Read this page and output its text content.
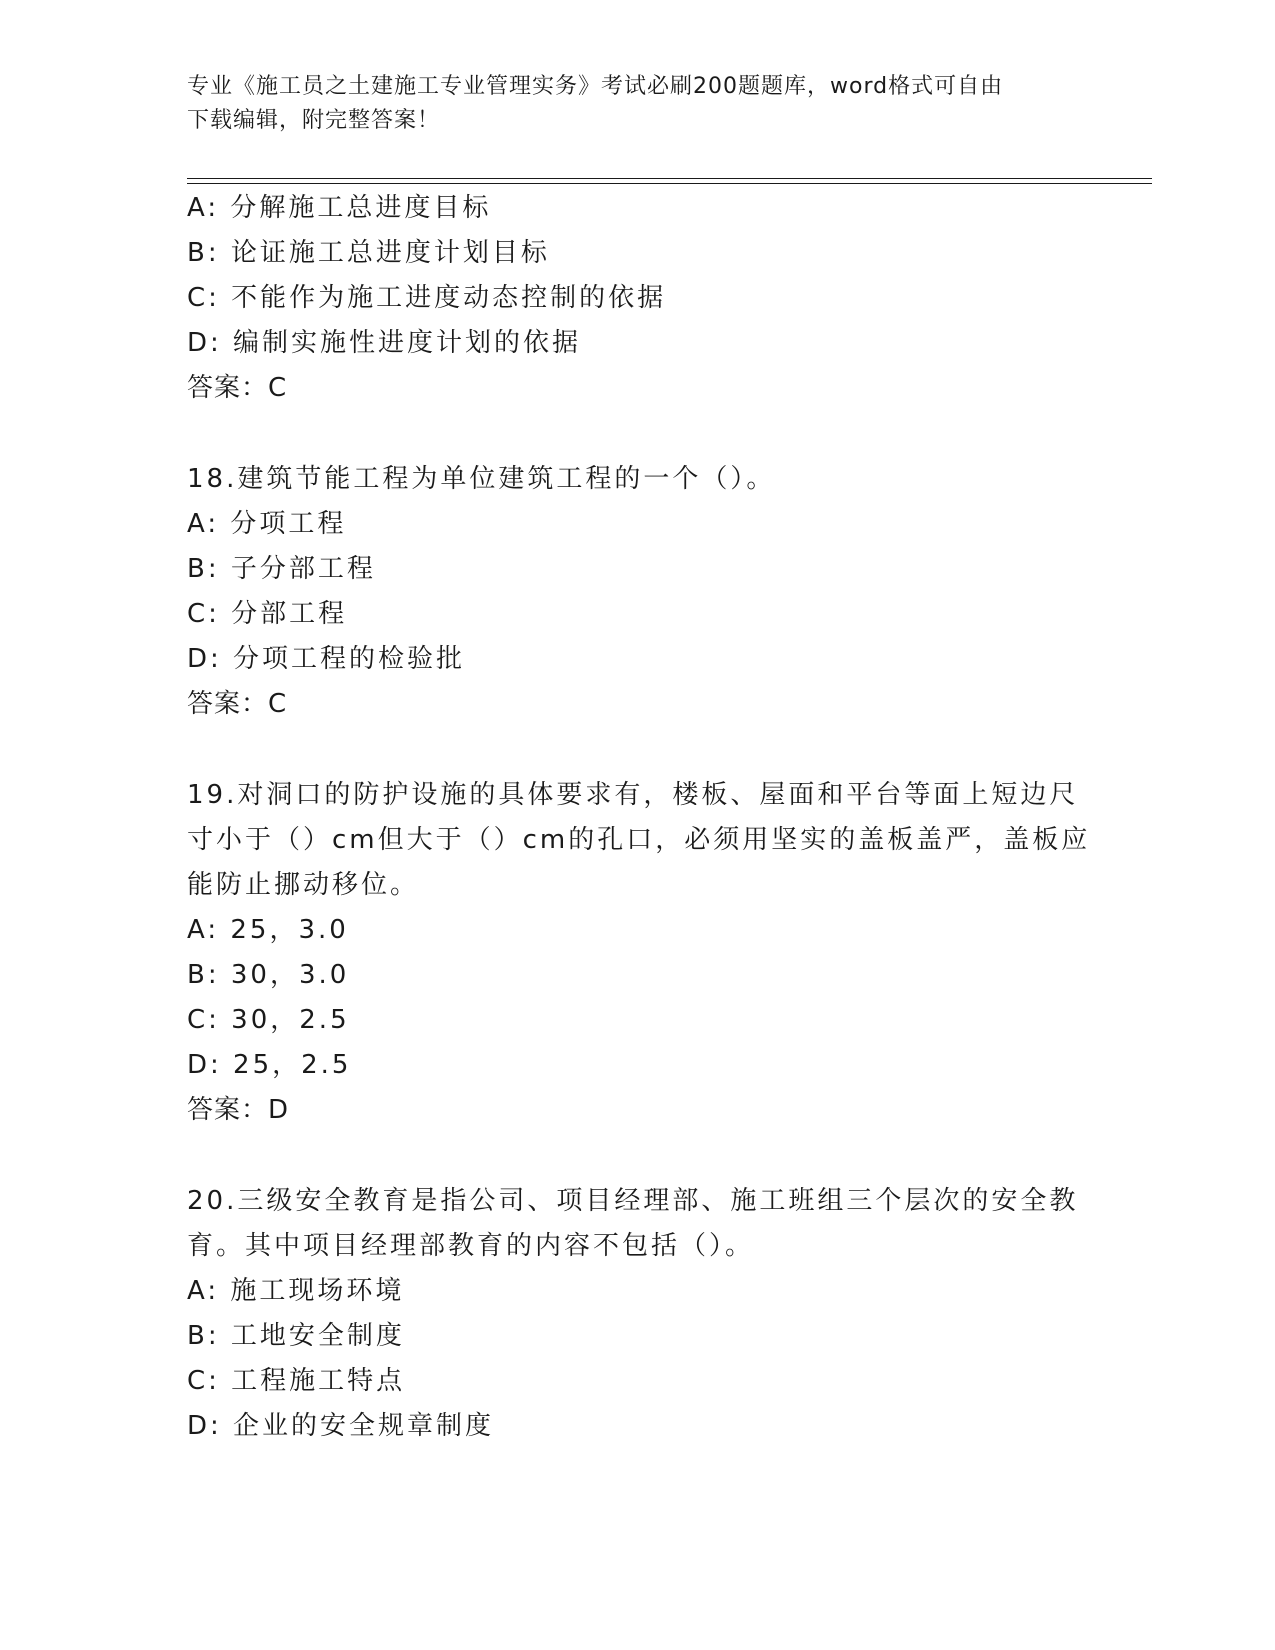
专业《施工员之土建施工专业管理实务》考试必刷200题题库，word格式可自由
下载编辑，附完整答案！
A: 分解施工总进度目标
B: 论证施工总进度计划目标
C: 不能作为施工进度动态控制的依据
D: 编制实施性进度计划的依据
答案：C
18.建筑节能工程为单位建筑工程的一个（）。
A: 分项工程
B: 子分部工程
C: 分部工程
D: 分项工程的检验批
答案：C
19.对洞口的防护设施的具体要求有，楼板、屋面和平台等面上短边尺
寸小于（）cm但大于（）cm的孔口，必须用坚实的盖板盖严，盖板应
能防止挪动移位。
A: 25，3.0
B: 30，3.0
C: 30，2.5
D: 25，2.5
答案：D
20.三级安全教育是指公司、项目经理部、施工班组三个层次的安全教
育。其中项目经理部教育的内容不包括（）。
A: 施工现场环境
B: 工地安全制度
C: 工程施工特点
D: 企业的安全规章制度
